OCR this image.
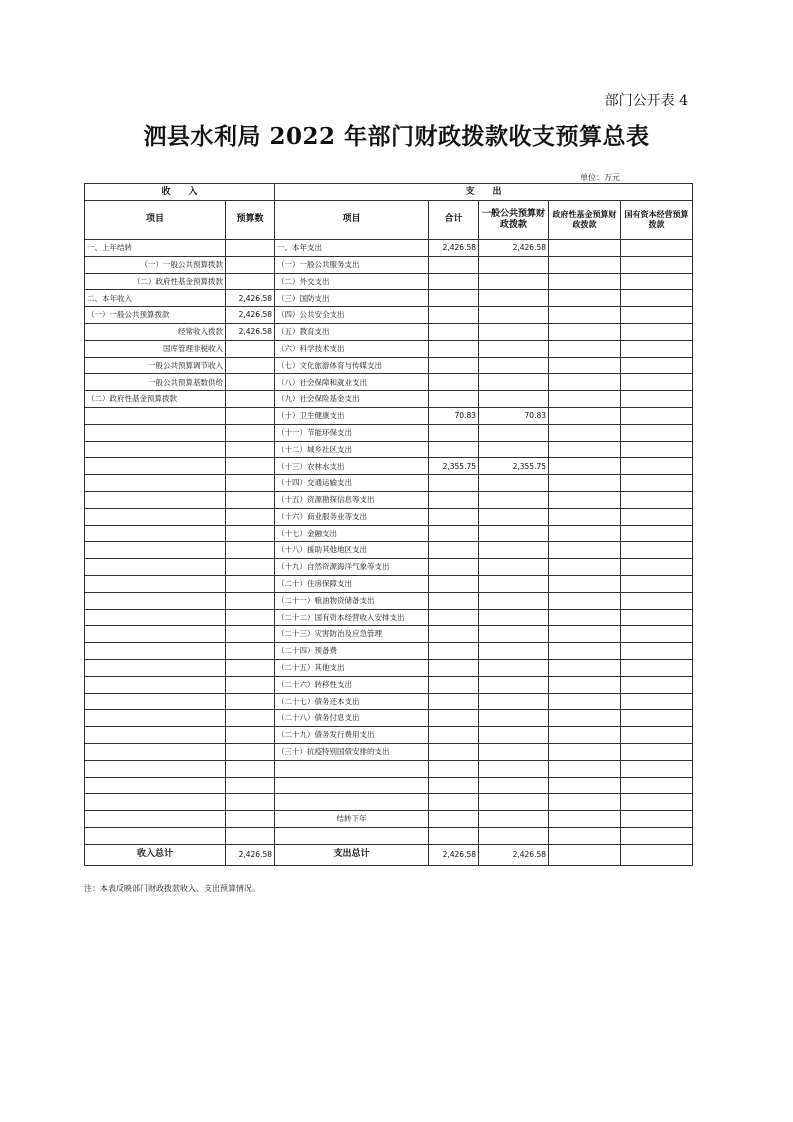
部门公开表 4
泗县水利局 2022 年部门财政拨款收支预算总表
单位：万元
收　　入		支　　出				
项目	预算数	项目	合计	一般公共预算财政拨款	政府性基金预算财政拨款	国有资本经营预算拨款
一、上年结转		一、本年支出	2,426.58	2,426.58		
（一）一般公共预算拨款		（一）一般公共服务支出				
（二）政府性基金预算拨款		（二）外交支出				
二、本年收入	2,426.58	（三）国防支出				
（一）一般公共预算拨款	2,426.58	（四）公共安全支出				
经常收入拨款	2,426.58	（五）教育支出				
国库管理非税收入		（六）科学技术支出				
一般公共预算调节收入		（七）文化旅游体育与传媒支出				
一般公共预算基数供给		（八）社会保障和就业支出				
（二）政府性基金预算拨款		（九）社会保险基金支出				
		（十）卫生健康支出	70.83	70.83		
		（十一）节能环保支出				
		（十二）城乡社区支出				
		（十三）农林水支出	2,355.75	2,355.75		
		（十四）交通运输支出				
		（十五）资源勘探信息等支出				
		（十六）商业服务业等支出				
		（十七）金融支出				
		（十八）援助其他地区支出				
		（十九）自然资源海洋气象等支出				
		（二十）住房保障支出				
		（二十一）粮油物资储备支出				
		（二十二）国有资本经营收入安排支出				
		（二十三）灾害防治及应急管理				
		（二十四）预备费				
		（二十五）其他支出				
		（二十六）转移性支出				
		（二十七）债务还本支出				
		（二十八）债务付息支出				
		（二十九）债务发行费用支出				
		（三十）抗疫特别国债安排的支出				

		结转下年				

收入总计	2,426.58	支出总计	2,426.58	2,426.58		
注：本表反映部门财政拨款收入、支出预算情况。
